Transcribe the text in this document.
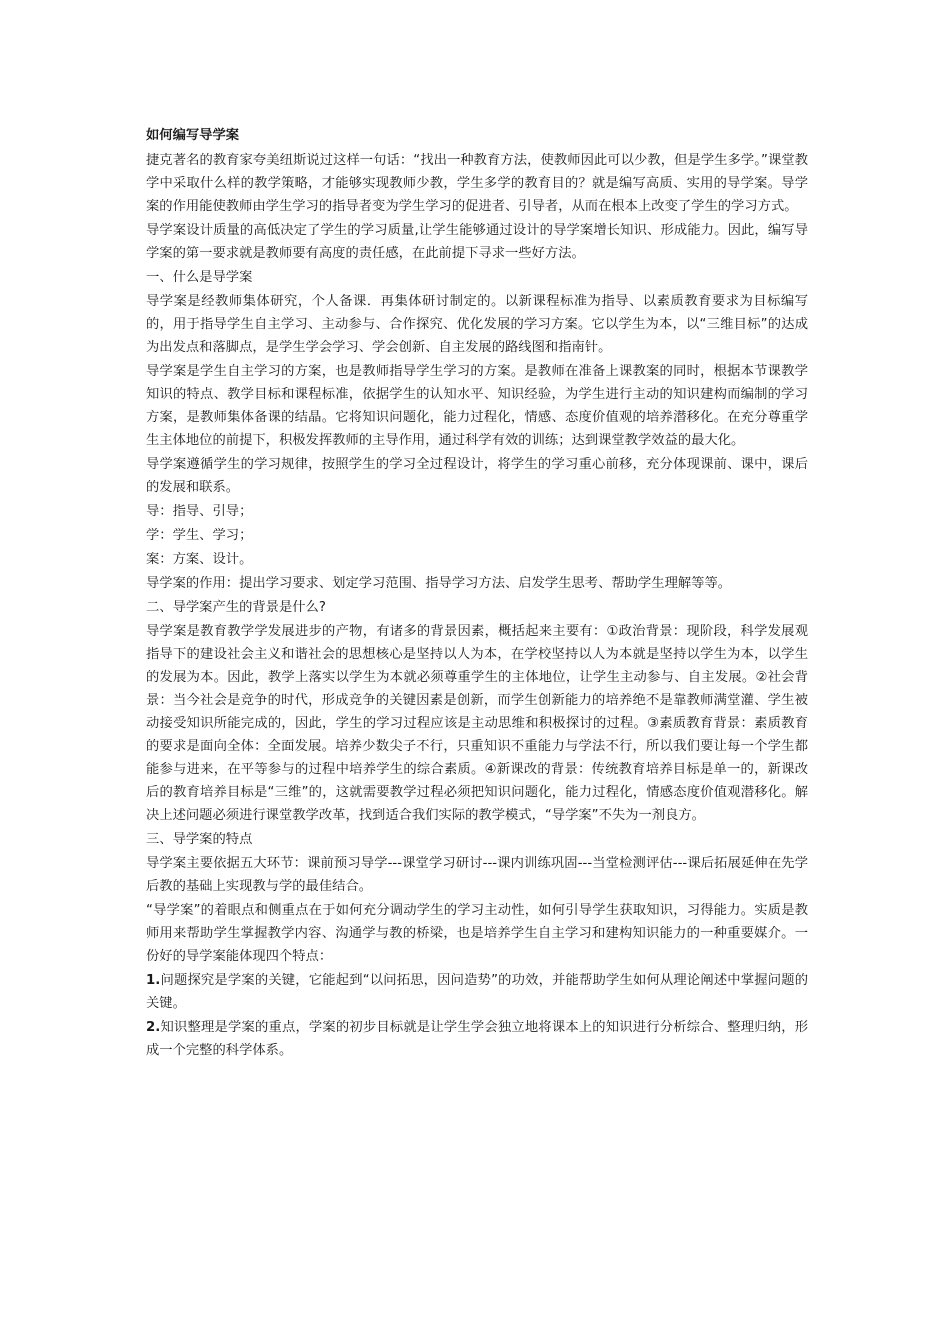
如何编写导学案

捷克著名的教育家夸美纽斯说过这样一句话：“找出一种教育方法，使教师因此可以少教，但是学生多学。”课堂教学中采取什么样的教学策略，才能够实现教师少教，学生多学的教育目的？就是编写高质、实用的导学案。导学案的作用能使教师由学生学习的指导者变为学生学习的促进者、引导者，从而在根本上改变了学生的学习方式。

导学案设计质量的高低决定了学生的学习质量,让学生能够通过设计的导学案增长知识、形成能力。因此，编写导学案的第一要求就是教师要有高度的责任感，在此前提下寻求一些好方法。

一、什么是导学案

导学案是经教师集体研究，个人备课．再集体研讨制定的。以新课程标准为指导、以素质教育要求为目标编写的，用于指导学生自主学习、主动参与、合作探究、优化发展的学习方案。它以学生为本，以“三维目标”的达成为出发点和落脚点，是学生学会学习、学会创新、自主发展的路线图和指南针。

导学案是学生自主学习的方案，也是教师指导学生学习的方案。是教师在准备上课教案的同时，根据本节课教学知识的特点、教学目标和课程标准，依据学生的认知水平、知识经验，为学生进行主动的知识建构而编制的学习方案，是教师集体备课的结晶。它将知识问题化，能力过程化，情感、态度价值观的培养潜移化。在充分尊重学生主体地位的前提下，积极发挥教师的主导作用，通过科学有效的训练；达到课堂教学效益的最大化。

导学案遵循学生的学习规律，按照学生的学习全过程设计，将学生的学习重心前移，充分体现课前、课中，课后的发展和联系。

导：指导、引导；

学：学生、学习；

案：方案、设计。

导学案的作用：提出学习要求、划定学习范围、指导学习方法、启发学生思考、帮助学生理解等等。

二、导学案产生的背景是什么?

导学案是教育教学学发展进步的产物，有诸多的背景因素，概括起来主要有：①政治背景：现阶段，科学发展观指导下的建设社会主义和谐社会的思想核心是坚持以人为本，在学校坚持以人为本就是坚持以学生为本，以学生的发展为本。因此，教学上落实以学生为本就必须尊重学生的主体地位，让学生主动参与、自主发展。②社会背景：当今社会是竞争的时代，形成竞争的关键因素是创新，而学生创新能力的培养绝不是靠教师满堂灌、学生被动接受知识所能完成的，因此，学生的学习过程应该是主动思维和积极探讨的过程。③素质教育背景：素质教育的要求是面向全体：全面发展。培养少数尖子不行，只重知识不重能力与学法不行，所以我们要让每一个学生都能参与进来，在平等参与的过程中培养学生的综合素质。④新课改的背景：传统教育培养目标是单一的，新课改后的教育培养目标是“三维”的，这就需要教学过程必须把知识问题化，能力过程化，情感态度价值观潜移化。解决上述问题必须进行课堂教学改革，找到适合我们实际的教学模式，“导学案”不失为一剂良方。

三、导学案的特点

导学案主要依据五大环节：课前预习导学---课堂学习研讨---课内训练巩固---当堂检测评估---课后拓展延伸在先学后教的基础上实现教与学的最佳结合。

“导学案”的着眼点和侧重点在于如何充分调动学生的学习主动性，如何引导学生获取知识，习得能力。实质是教师用来帮助学生掌握教学内容、沟通学与教的桥梁，也是培养学生自主学习和建构知识能力的一种重要媒介。一份好的导学案能体现四个特点：

1.问题探究是学案的关键，它能起到“以问拓思，因问造势”的功效，并能帮助学生如何从理论阐述中掌握问题的关键。

2.知识整理是学案的重点，学案的初步目标就是让学生学会独立地将课本上的知识进行分析综合、整理归纳，形成一个完整的科学体系。
